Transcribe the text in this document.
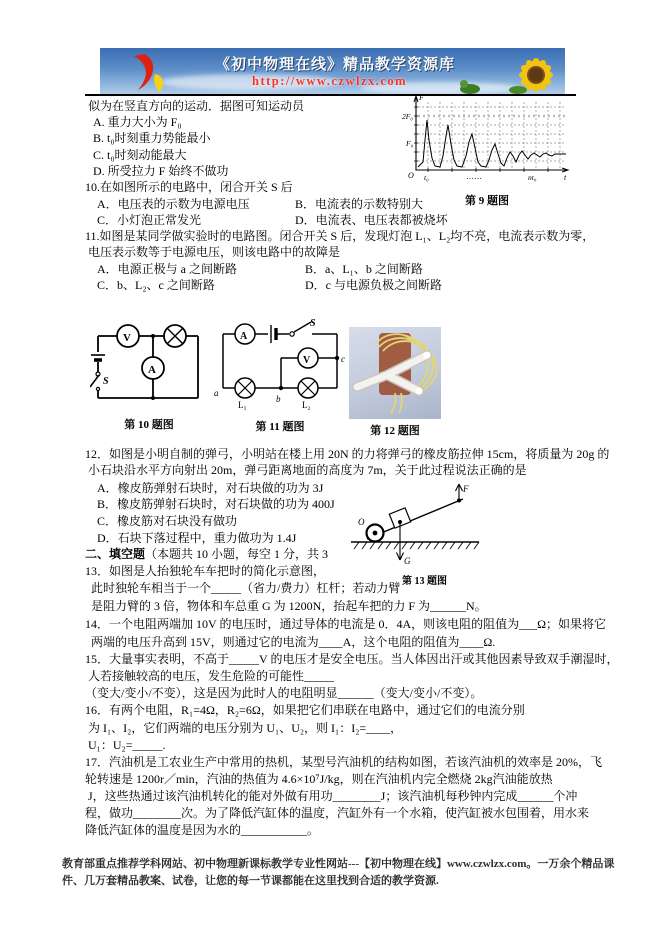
《初中物理在线》精品教学资源库
http://www.czwlzx.com
似为在竖直方向的运动．据图可知运动员
A. 重力大小为 F₀
B. t₀时刻重力势能最小
C. t₀时刻动能最大
D. 所受拉力 F 始终不做功
F
2F₀
F₀
O t₀	……	nt₀	t
第 9 题图
10.在如图所示的电路中，闭合开关 S 后
A．电压表的示数为电源电压	B．电流表的示数特别大
C．小灯泡正常发光	D．电流表、电压表都被烧坏
11.如图是某同学做实验时的电路图。闭合开关 S 后，发现灯泡 L₁、L₂均不亮，电流表示数为零，
电压表示数等于电源电压，则该电路中的故障是
A．电源正极与 a 之间断路	B．a、L₁、b 之间断路
C．b、L₂、c 之间断路	D．c 与电源负极之间断路
V
A
S
第 10 题图
A
V
S
a
b
c
L₁	L₂
第 11 题图	第 12 题图
12．如图是小明自制的弹弓，小明站在楼上用 20N 的力将弹弓的橡皮筋拉伸 15cm，将质量为 20g 的
小石块沿水平方向射出 20m，弹弓距离地面的高度为 7m，关于此过程说法正确的是
A．橡皮筋弹射石块时，对石块做的功为 3J
B．橡皮筋弹射石块时，对石块做的功为 400J
C．橡皮筋对石块没有做功
D．石块下落过程中，重力做功为 1.4J
O
F
G
第 13 题图
二、填空题（本题共 10 小题，每空 1 分，共 3
13．如图是人抬独轮车车把时的简化示意图，
此时独轮车相当于一个_____（省力/费力）杠杆；若动力臂
是阻力臂的 3 倍，物体和车总重 G 为 1200N，抬起车把的力 F 为______N。
14．一个电阻两端加 10V 的电压时，通过导体的电流是 0．4A，则该电阻的阻值为___Ω；如果将它
两端的电压升高到 15V，则通过它的电流为____A，这个电阻的阻值为____Ω.
15．大量事实表明，不高于_____V 的电压才是安全电压。当人体因出汗或其他因素导致双手潮湿时，
人若接触较高的电压，发生危险的可能性_____
（变大/变小/不变），这是因为此时人的电阻明显______（变大/变小/不变）。
16．有两个电阻，R₁=4Ω，R₂=6Ω，如果把它们串联在电路中，通过它们的电流分别
为 I₁、I₂，它们两端的电压分别为 U₁、U₂，则 I₁：I₂=____，
U₁：U₂=_____.
17．汽油机是工农业生产中常用的热机，某型号汽油机的结构如图，若该汽油机的效率是 20%，飞
轮转速是 1200r／min，汽油的热值为 4.6×10⁷J/kg，则在汽油机内完全燃烧 2kg汽油能放热
J，这些热通过该汽油机转化的能对外做有用功________J；该汽油机每秒钟内完成______个冲
程，做功________次。为了降低汽缸体的温度，汽缸外有一个水箱，使汽缸被水包围着，用水来
降低汽缸体的温度是因为水的___________。
教育部重点推荐学科网站、初中物理新课标教学专业性网站---【初中物理在线】www.czwlzx.com。一万余个精品课
件、几万套精品教案、试卷，让您的每一节课都能在这里找到合适的教学资源.
